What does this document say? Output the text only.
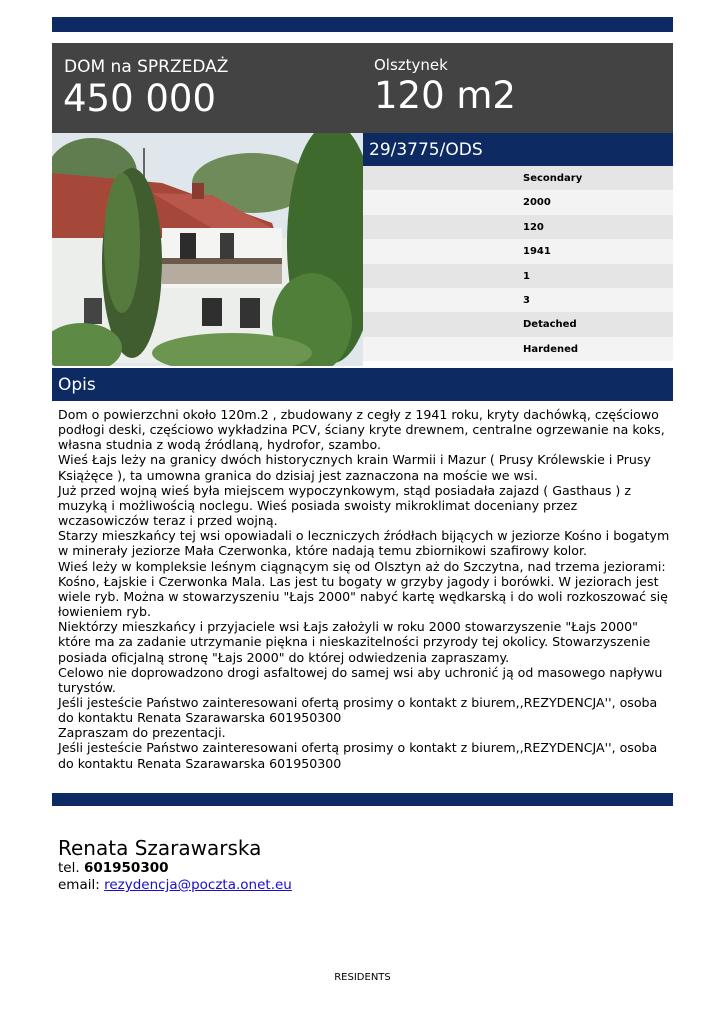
DOM na SPRZEDAŻ
450 000
Olsztynek
120 m2
29/3775/ODS
Secondary
2000
120
1941
1
3
Detached
Hardened
Opis
Dom o powierzchni około 120m.2 , zbudowany z cegły z 1941 roku, kryty dachówką, częściowo podłogi deski, częściowo wykładzina PCV, ściany kryte drewnem, centralne ogrzewanie na koks, własna studnia z wodą źródlaną, hydrofor, szambo.
Wieś Łajs leży na granicy dwóch historycznych krain Warmii i Mazur ( Prusy Królewskie i Prusy Książęce ), ta umowna granica do dzisiaj jest zaznaczona na moście we wsi.
Już przed wojną wieś była miejscem wypoczynkowym, stąd posiadała zajazd ( Gasthaus ) z muzyką i możliwością noclegu. Wieś posiada swoisty mikroklimat doceniany przez wczasowiczów teraz i przed wojną.
Starzy mieszkańcy tej wsi opowiadali o leczniczych źródłach bijących w jeziorze Kośno i bogatym w minerały jeziorze Mała Czerwonka, które nadają temu zbiornikowi szafirowy kolor.
Wieś leży w kompleksie leśnym ciągnącym się od Olsztyn aż do Szczytna, nad trzema jeziorami: Kośno, Łajskie i Czerwonka Mala. Las jest tu bogaty w grzyby jagody i borówki. W jeziorach jest wiele ryb. Można w stowarzyszeniu "Łajs 2000" nabyć kartę wędkarską i do woli rozkoszować się łowieniem ryb.
Niektórzy mieszkańcy i przyjaciele wsi Łajs założyli w roku 2000 stowarzyszenie "Łajs 2000" które ma za zadanie utrzymanie piękna i nieskazitelności przyrody tej okolicy. Stowarzyszenie posiada oficjalną stronę "Łajs 2000" do której odwiedzenia zapraszamy.
Celowo nie doprowadzono drogi asfaltowej do samej wsi aby uchronić ją od masowego napływu turystów.
Jeśli jesteście Państwo zainteresowani ofertą prosimy o kontakt z biurem,,REZYDENCJA'', osoba do kontaktu Renata Szarawarska 601950300
Zapraszam do prezentacji.
Jeśli jesteście Państwo zainteresowani ofertą prosimy o kontakt z biurem,,REZYDENCJA'', osoba do kontaktu Renata Szarawarska 601950300
Renata Szarawarska
tel. 601950300
email: rezydencja@poczta.onet.eu
RESIDENTS
